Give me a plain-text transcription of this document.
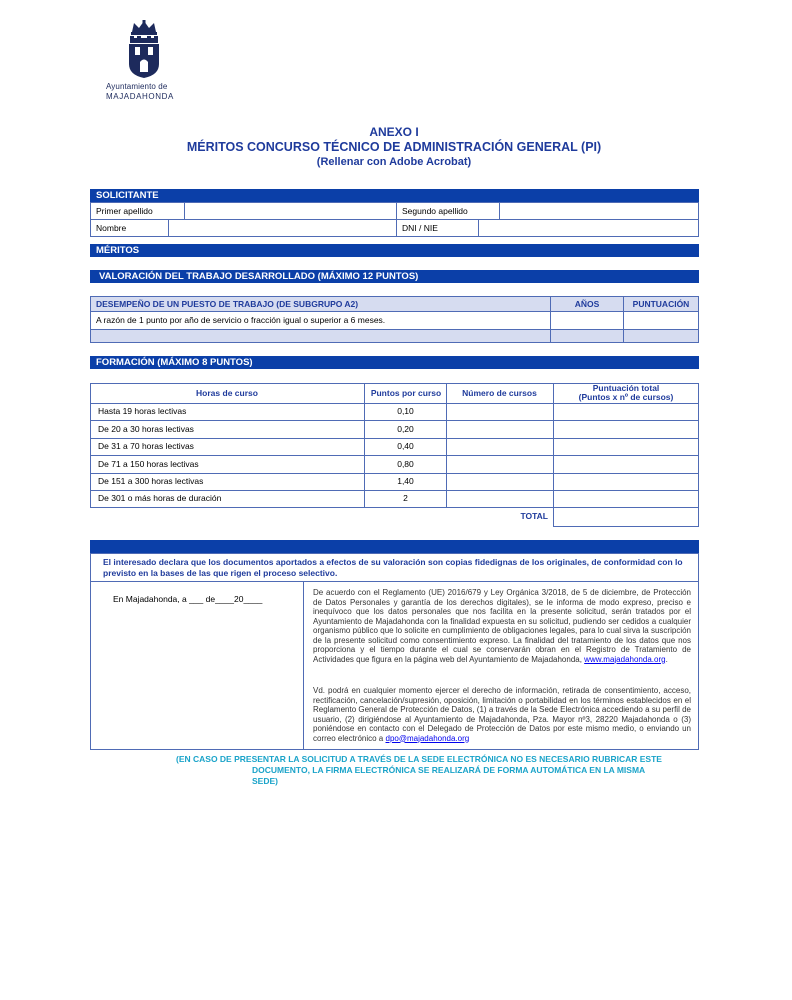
Ayuntamiento de
MAJADAHONDA
ANEXO I
MÉRITOS CONCURSO TÉCNICO DE ADMINISTRACIÓN GENERAL (PI)
(Rellenar con Adobe Acrobat)
SOLICITANTE
Primer apellido	Segundo apellido
Nombre	DNI / NIE
MÉRITOS
VALORACIÓN DEL TRABAJO DESARROLLADO (MÁXIMO 12 PUNTOS)
DESEMPEÑO DE UN PUESTO DE TRABAJO (DE SUBGRUPO A2)	AÑOS	PUNTUACIÓN
A razón de 1 punto por año de servicio o fracción igual o superior a 6 meses.
FORMACIÓN (MÁXIMO 8 PUNTOS)
Horas de curso	Puntos por curso	Número de cursos	Puntuación total
(Puntos x nº de cursos)
Hasta 19 horas lectivas	0,10
De 20 a 30 horas lectivas	0,20
De 31 a 70 horas lectivas	0,40
De 71 a 150 horas lectivas	0,80
De 151 a 300 horas lectivas	1,40
De 301 o más horas de duración	2
TOTAL
El interesado declara que los documentos aportados a efectos de su valoración son copias fidedignas de los originales, de conformidad con lo previsto en la bases de las que rigen el proceso selectivo.
En Majadahonda, a ___ de____20____
De acuerdo con el Reglamento (UE) 2016/679 y Ley Orgánica 3/2018, de 5 de diciembre, de Protección de Datos Personales y garantía de los derechos digitales), se le informa de modo expreso, preciso e inequívoco que los datos personales que nos facilita en la presente solicitud, serán tratados por el Ayuntamiento de Majadahonda con la finalidad expuesta en su solicitud, pudiendo ser cedidos a cualquier organismo público que lo solicite en cumplimiento de obligaciones legales, para lo cual sirva la suscripción de la presente solicitud como consentimiento expreso. La finalidad del tratamiento de los datos que nos proporciona y el tiempo durante el cual se conservarán obran en el Registro de Tratamiento de Actividades que figura en la página web del Ayuntamiento de Majadahonda, www.majadahonda.org.
Vd. podrá en cualquier momento ejercer el derecho de información, retirada de consentimiento, acceso, rectificación, cancelación/supresión, oposición, limitación o portabilidad en los términos establecidos en el Reglamento General de Protección de Datos, (1) a través de la Sede Electrónica accediendo a su perfil de usuario, (2) dirigiéndose al Ayuntamiento de Majadahonda, Pza. Mayor nº3, 28220 Majadahonda o (3) poniéndose en contacto con el Delegado de Protección de Datos por este mismo medio, o enviando un correo electrónico a dpo@majadahonda.org
(EN CASO DE PRESENTAR LA SOLICITUD A TRAVÉS DE LA SEDE ELECTRÓNICA NO ES NECESARIO RUBRICAR ESTE
DOCUMENTO, LA FIRMA ELECTRÓNICA SE REALIZARÁ DE FORMA AUTOMÁTICA EN LA MISMA
SEDE)
